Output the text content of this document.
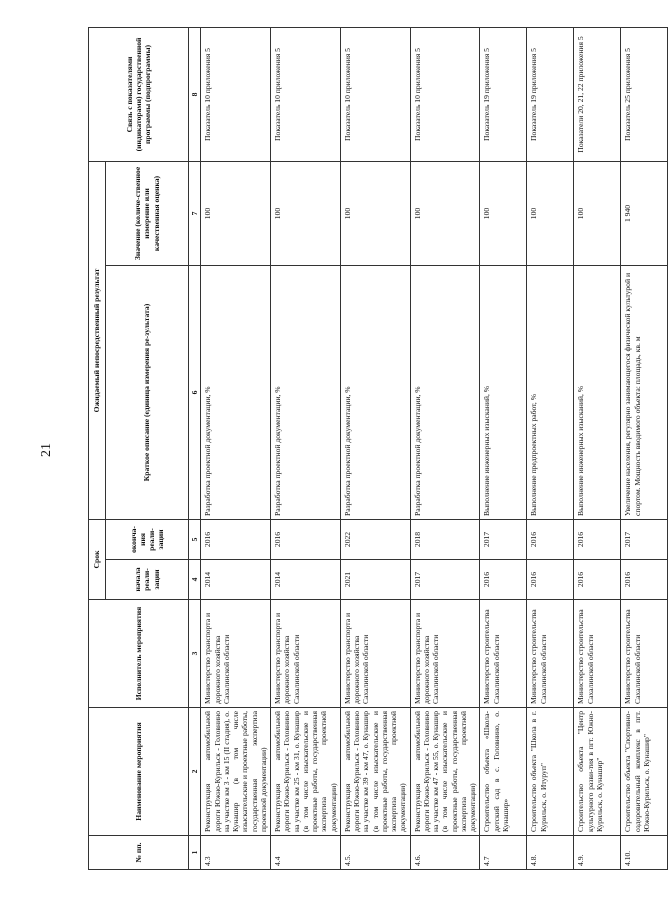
21
№ пп.	Наименование мероприятия	Исполнитель мероприятия	Срок		Ожидаемый непосредственный результат		Связь с показателями (индикаторами) государственной программы (подпрограммы)
			начала реали-зации	оконча-ния реали-зации	Краткое описание (единица измерения ре-зультата)	Значение (количе-ственное измерение или качественная оценка)	
1	2	3	4	5	6	7	8
4.3	Реконструкция автомобильной дороги Южно-Курильск - Головнино на участке км 3 - км 15 (II стадия), о. Кунашир (в том числе изыскательские и проектные работы, государственная экспертиза проектной документации)	Министерство транспорта и дорожного хозяйства Сахалинской области	2014	2016	Разработка проектной документации, %	100	Показатель 10 приложения 5
4.4	Реконструкция автомобильной дороги Южно-Курильск - Головнино на участке км 25 - км 31, о. Кунашир (в том числе изыскательские и проектные работы, государственная экспертиза проектной документации)	Министерство транспорта и дорожного хозяйства Сахалинской области	2014	2016	Разработка проектной документации, %	100	Показатель 10 приложения 5
4.5.	Реконструкция автомобильной дороги Южно-Курильск - Головнино на участке км 39 - км 47, о. Кунашир (в том числе изыскательские и проектные работы, государственная экспертиза проектной документации)	Министерство транспорта и дорожного хозяйства Сахалинской области	2021	2022	Разработка проектной документации, %	100	Показатель 10 приложения 5
4.6.	Реконструкция автомобильной дороги Южно-Курильск - Головнино на участке км 47 - км 55, о. Кунашир (в том числе изыскательские и проектные работы, государственная экспертиза проектной документации)	Министерство транспорта и дорожного хозяйства Сахалинской области	2017	2018	Разработка проектной документации, %	100	Показатель 10 приложения 5
4.7	Строительство объекта «Школа-детский сад в с. Головнино, о. Кунашир»	Министерство строительства Сахалинской области	2016	2017	Выполнение инженерных изысканий, %	100	Показатель 19 приложения 5
4.8.	Строительство объекта "Школа в г. Курильск, о. Итуруп"	Министерство строительства Сахалинской области	2016	2016	Выполнение предпроектных работ, %	100	Показатель 19 приложения 5
4.9.	Строительство объекта "Центр культурного разви-тия в пгт. Южно-Курильск, о. Кунашир"	Министерство строительства Сахалинской области	2016	2016	Выполнение инженерных изысканий, %	100	Показатели 20, 21, 22 приложения 5
4.10.	Строительство объекта "Спортивно-оздоровительный комплекс в пгт. Южно-Курильск, о. Кунашир"	Министерство строительства Сахалинской области	2016	2017	Увеличение населения, регулярно занимающегося физической культурой и спортом. Мощность вводимого объекта: площадь, кв. м	1 940	Показатель 25 приложения 5
